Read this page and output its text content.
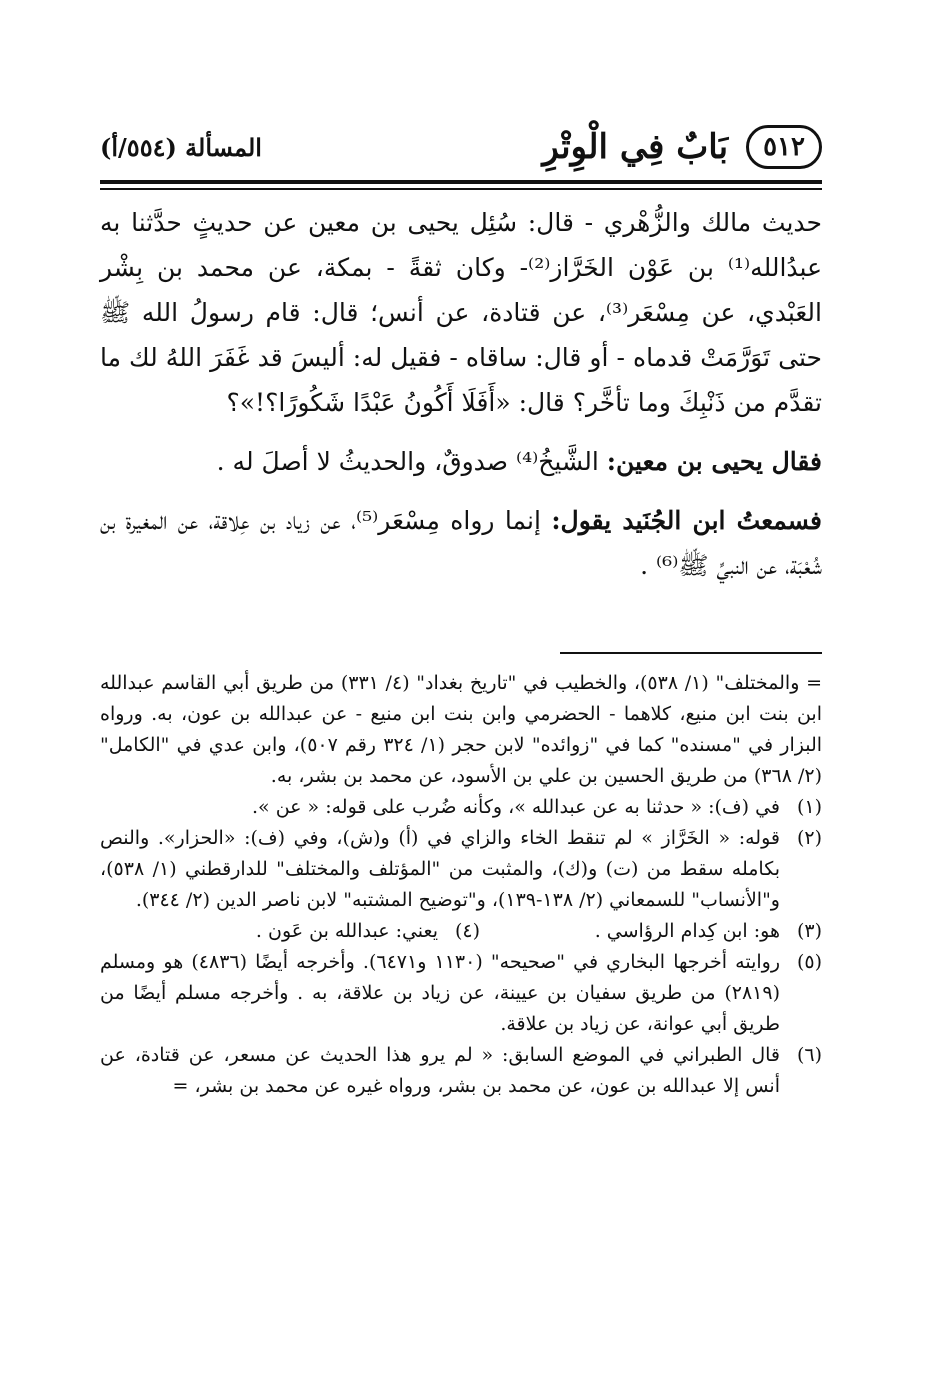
٥١٢
بَابٌ فِي الْوِتْرِ
المسألة (٥٥٤/أ)

حديث مالك والزُّهْري - قال: سُئِل يحيى بن معين عن حديثٍ حدَّثنا به عبدُالله⁽¹⁾ بن عَوْن الخَرَّاز⁽²⁾- وكان ثقةً - بمكة، عن محمد بن بِشْر العَبْدي، عن مِسْعَر⁽³⁾، عن قتادة، عن أنس؛ قال: قام رسولُ الله ﷺ حتى تَوَرَّمَتْ قدماه - أو قال: ساقاه - فقيل له: أليسَ قد غَفَرَ اللهُ لك ما تقدَّم من ذَنْبِكَ وما تأخَّر؟ قال: «أَفَلَا أَكُونُ عَبْدًا شَكُورًا؟!»؟

فقال يحيى بن معين: الشَّيخُ⁽⁴⁾ صدوقٌ، والحديثُ لا أصلَ له .

فسمعتُ ابن الجُنَيد يقول: إنما رواه مِسْعَر⁽⁵⁾، عن زياد بن عِلاقة، عن المغيرة بن شُعْبَة، عن النبيِّ ﷺ⁽⁶⁾ .

= والمختلف" (١/ ٥٣٨)، والخطيب في "تاريخ بغداد" (٤/ ٣٣١) من طريق أبي القاسم عبدالله ابن بنت ابن منيع، كلاهما - الحضرمي وابن بنت ابن منيع - عن عبدالله بن عون، به. ورواه البزار في "مسنده" كما في "زوائده" لابن حجر (١/ ٣٢٤ رقم ٥٠٧)، وابن عدي في "الكامل" (٢/ ٣٦٨) من طريق الحسين بن علي بن الأسود، عن محمد بن بشر، به.

(١)
في (ف): « حدثنا به عن عبدالله »، وكأنه ضُرب على قوله: « عن ».
(٢)
قوله: « الخَرَّاز » لم تنقط الخاء والزاي في (أ) و(ش)، وفي (ف): «الحزار». والنص بكامله سقط من (ت) و(ك)، والمثبت من "المؤتلف والمختلف" للدارقطني (١/ ٥٣٨)، و"الأنساب" للسمعاني (٢/ ١٣٨-١٣٩)، و"توضيح المشتبه" لابن ناصر الدين (٢/ ٣٤٤).
(٣)
هو: ابن كِدام الرؤاسي .
(٤)
يعني: عبدالله بن عَون .
(٥)
روايته أخرجها البخاري في "صحيحه" (١١٣٠ و٦٤٧١). وأخرجه أيضًا (٤٨٣٦) هو ومسلم (٢٨١٩) من طريق سفيان بن عيينة، عن زياد بن علاقة، به . وأخرجه مسلم أيضًا من طريق أبي عوانة، عن زياد بن علاقة.
(٦)
قال الطبراني في الموضع السابق: « لم يرو هذا الحديث عن مسعر، عن قتادة، عن أنس إلا عبدالله بن عون، عن محمد بن بشر، ورواه غيره عن محمد بن بشر، =
